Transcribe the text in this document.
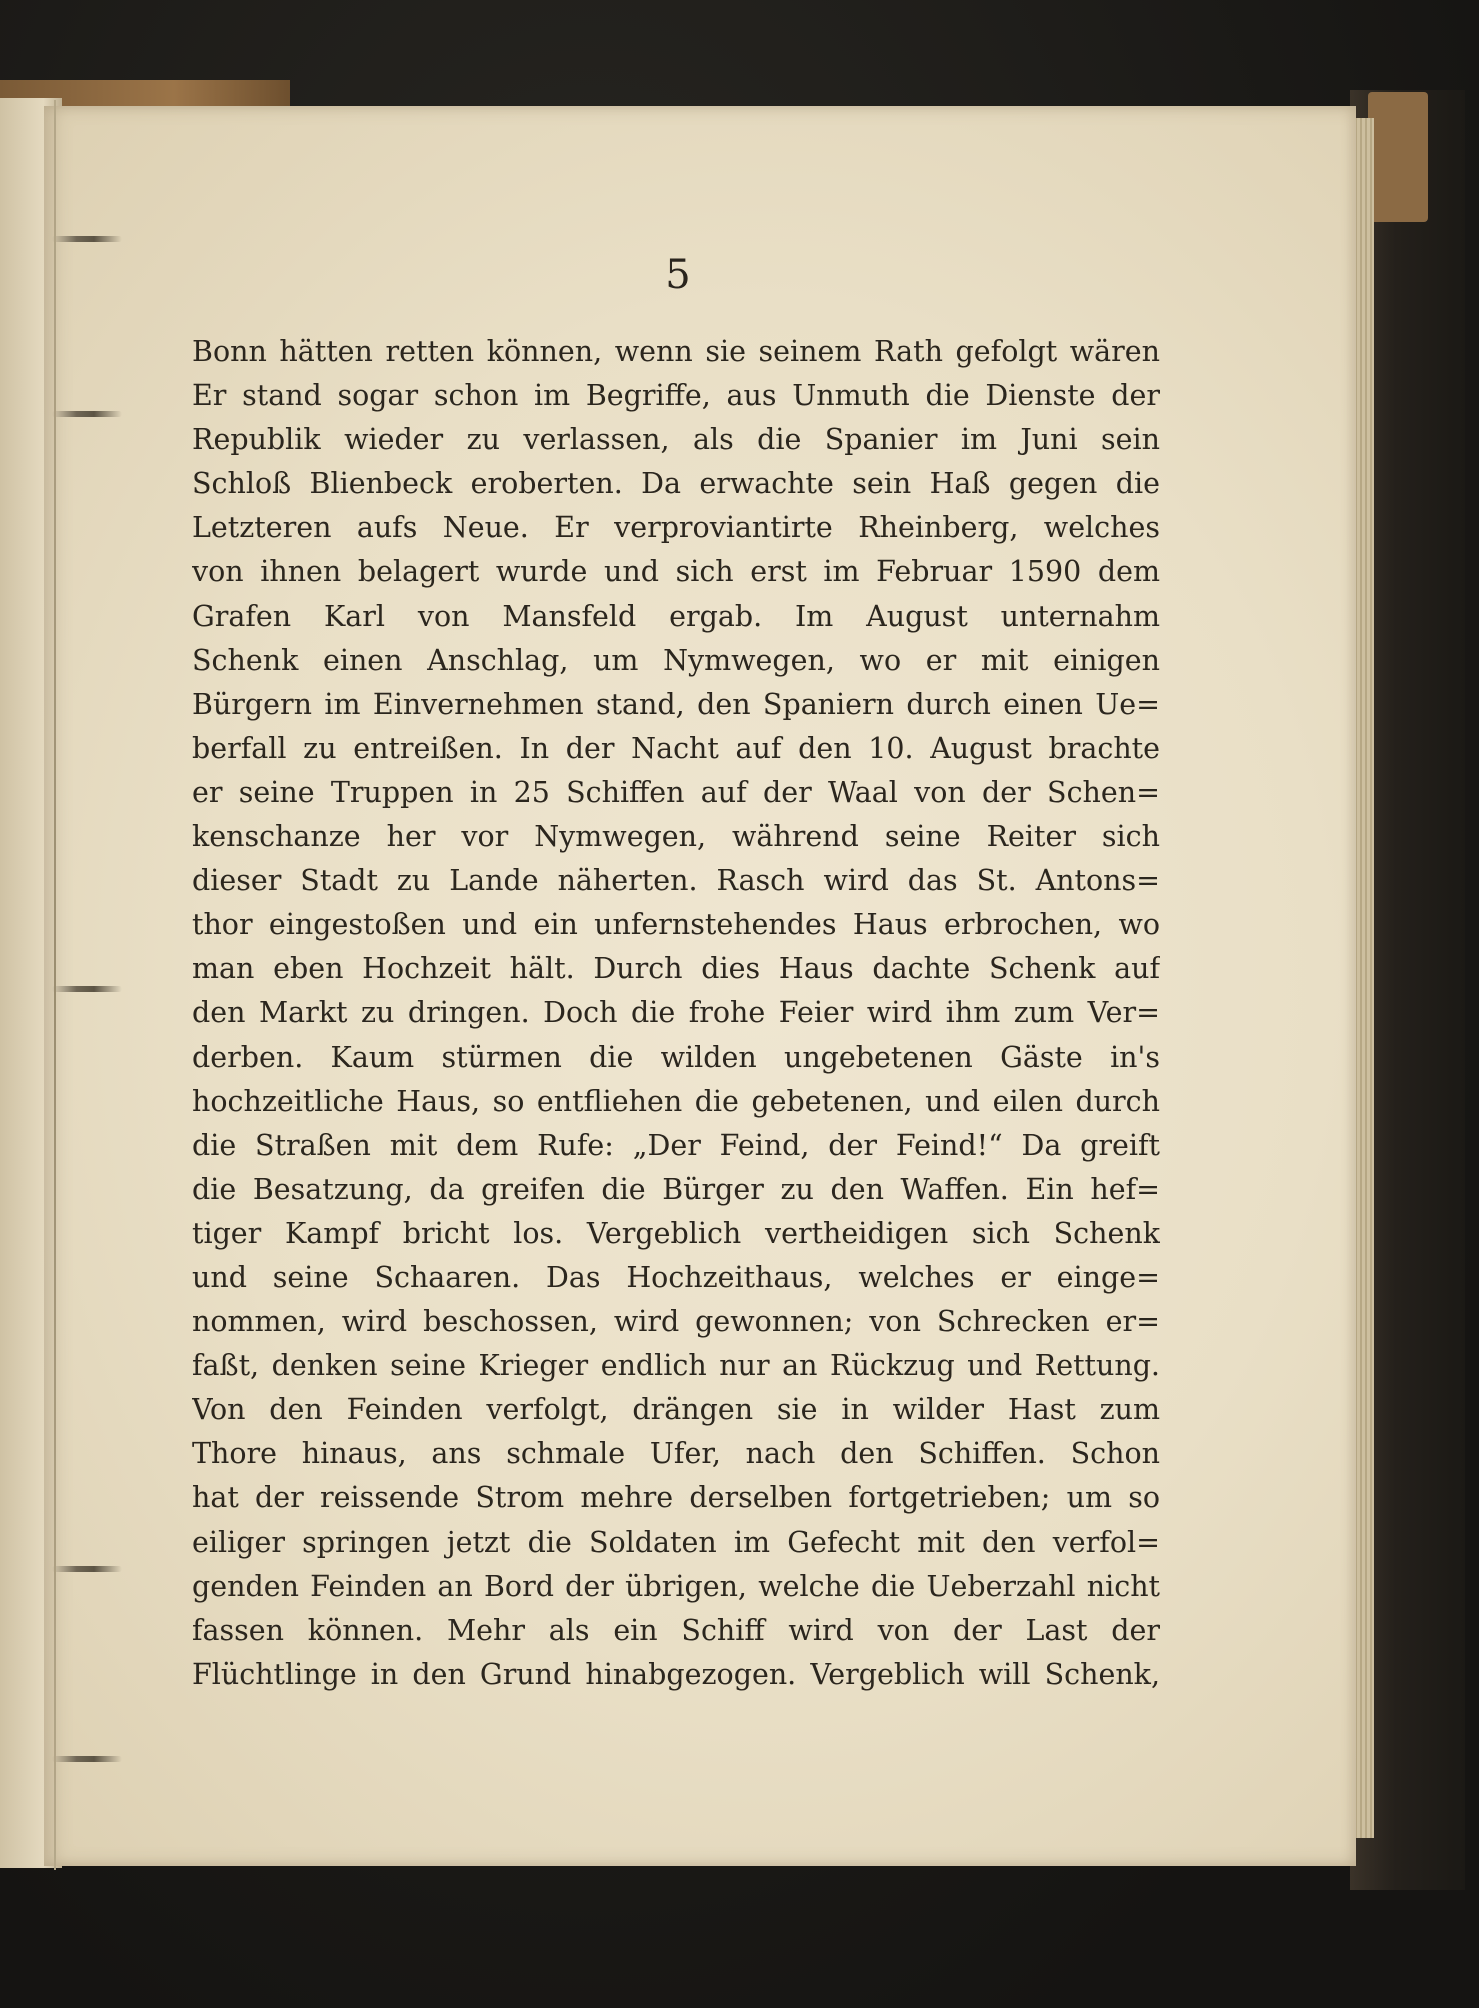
5
Bonn hätten retten können, wenn sie seinem Rath gefolgt wären
Er stand sogar schon im Begriffe, aus Unmuth die Dienste der
Republik wieder zu verlassen, als die Spanier im Juni sein
Schloß Blienbeck eroberten. Da erwachte sein Haß gegen die
Letzteren aufs Neue. Er verproviantirte Rheinberg, welches
von ihnen belagert wurde und sich erst im Februar 1590 dem
Grafen Karl von Mansfeld ergab. Im August unternahm
Schenk einen Anschlag, um Nymwegen, wo er mit einigen
Bürgern im Einvernehmen stand, den Spaniern durch einen Ue=
berfall zu entreißen. In der Nacht auf den 10. August brachte
er seine Truppen in 25 Schiffen auf der Waal von der Schen=
kenschanze her vor Nymwegen, während seine Reiter sich
dieser Stadt zu Lande näherten. Rasch wird das St. Antons=
thor eingestoßen und ein unfernstehendes Haus erbrochen, wo
man eben Hochzeit hält. Durch dies Haus dachte Schenk auf
den Markt zu dringen. Doch die frohe Feier wird ihm zum Ver=
derben. Kaum stürmen die wilden ungebetenen Gäste in's
hochzeitliche Haus, so entfliehen die gebetenen, und eilen durch
die Straßen mit dem Rufe: „Der Feind, der Feind!“ Da greift
die Besatzung, da greifen die Bürger zu den Waffen. Ein hef=
tiger Kampf bricht los. Vergeblich vertheidigen sich Schenk
und seine Schaaren. Das Hochzeithaus, welches er einge=
nommen, wird beschossen, wird gewonnen; von Schrecken er=
faßt, denken seine Krieger endlich nur an Rückzug und Rettung.
Von den Feinden verfolgt, drängen sie in wilder Hast zum
Thore hinaus, ans schmale Ufer, nach den Schiffen. Schon
hat der reissende Strom mehre derselben fortgetrieben; um so
eiliger springen jetzt die Soldaten im Gefecht mit den verfol=
genden Feinden an Bord der übrigen, welche die Ueberzahl nicht
fassen können. Mehr als ein Schiff wird von der Last der
Flüchtlinge in den Grund hinabgezogen. Vergeblich will Schenk,
